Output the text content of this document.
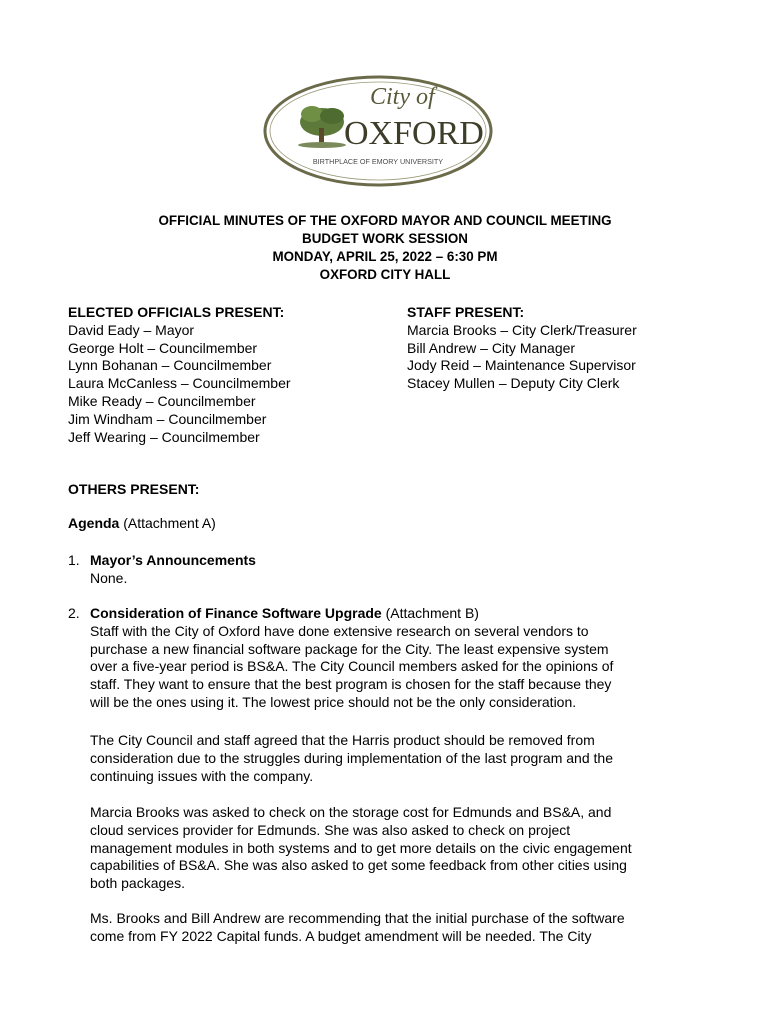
City of
OXFORD
BIRTHPLACE OF EMORY UNIVERSITY
OFFICIAL MINUTES OF THE OXFORD MAYOR AND COUNCIL MEETING
BUDGET WORK SESSION
MONDAY, APRIL 25, 2022 – 6:30 PM
OXFORD CITY HALL
ELECTED OFFICIALS PRESENT:
David Eady – Mayor
George Holt – Councilmember
Lynn Bohanan – Councilmember
Laura McCanless – Councilmember
Mike Ready – Councilmember
Jim Windham – Councilmember
Jeff Wearing – Councilmember
STAFF PRESENT:
Marcia Brooks – City Clerk/Treasurer
Bill Andrew – City Manager
Jody Reid – Maintenance Supervisor
Stacey Mullen – Deputy City Clerk
OTHERS PRESENT:
Agenda (Attachment A)
1. Mayor’s Announcements
None.
2. Consideration of Finance Software Upgrade (Attachment B)
Staff with the City of Oxford have done extensive research on several vendors to
purchase a new financial software package for the City. The least expensive system
over a five-year period is BS&A. The City Council members asked for the opinions of
staff. They want to ensure that the best program is chosen for the staff because they
will be the ones using it. The lowest price should not be the only consideration.
The City Council and staff agreed that the Harris product should be removed from
consideration due to the struggles during implementation of the last program and the
continuing issues with the company.
Marcia Brooks was asked to check on the storage cost for Edmunds and BS&A, and
cloud services provider for Edmunds. She was also asked to check on project
management modules in both systems and to get more details on the civic engagement
capabilities of BS&A. She was also asked to get some feedback from other cities using
both packages.
Ms. Brooks and Bill Andrew are recommending that the initial purchase of the software
come from FY 2022 Capital funds. A budget amendment will be needed. The City
